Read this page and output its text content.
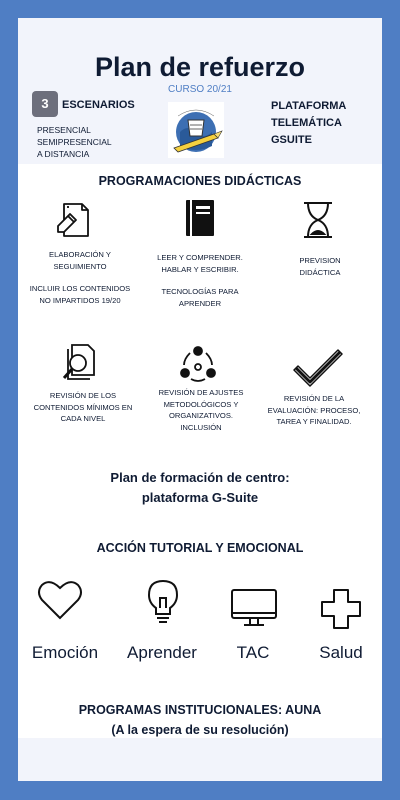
Plan de refuerzo
CURSO 20/21
3	ESCENARIOS
PRESENCIAL
SEMIPRESENCIAL
A DISTANCIA
PLATAFORMA
TELEMÁTICA
GSUITE
PROGRAMACIONES DIDÁCTICAS
ELABORACIÓN Y
SEGUIMIENTO
INCLUIR LOS CONTENIDOS
NO IMPARTIDOS 19/20
LEER Y COMPRENDER.
HABLAR Y ESCRIBIR.
TECNOLOGÍAS PARA
APRENDER
PREVISION
DIDÁCTICA
REVISIÓN DE LOS
CONTENIDOS MÍNIMOS EN
CADA NIVEL
REVISIÓN DE AJUSTES
METODOLÓGICOS Y
ORGANIZATIVOS.
INCLUSIÓN
REVISIÓN DE LA
EVALUACIÓN: PROCESO,
TAREA Y FINALIDAD.
Plan de formación de centro:
plataforma G-Suite
ACCIÓN TUTORIAL Y EMOCIONAL
Emoción	Aprender	TAC	Salud
PROGRAMAS INSTITUCIONALES: AUNA
(A la espera de su resolución)
